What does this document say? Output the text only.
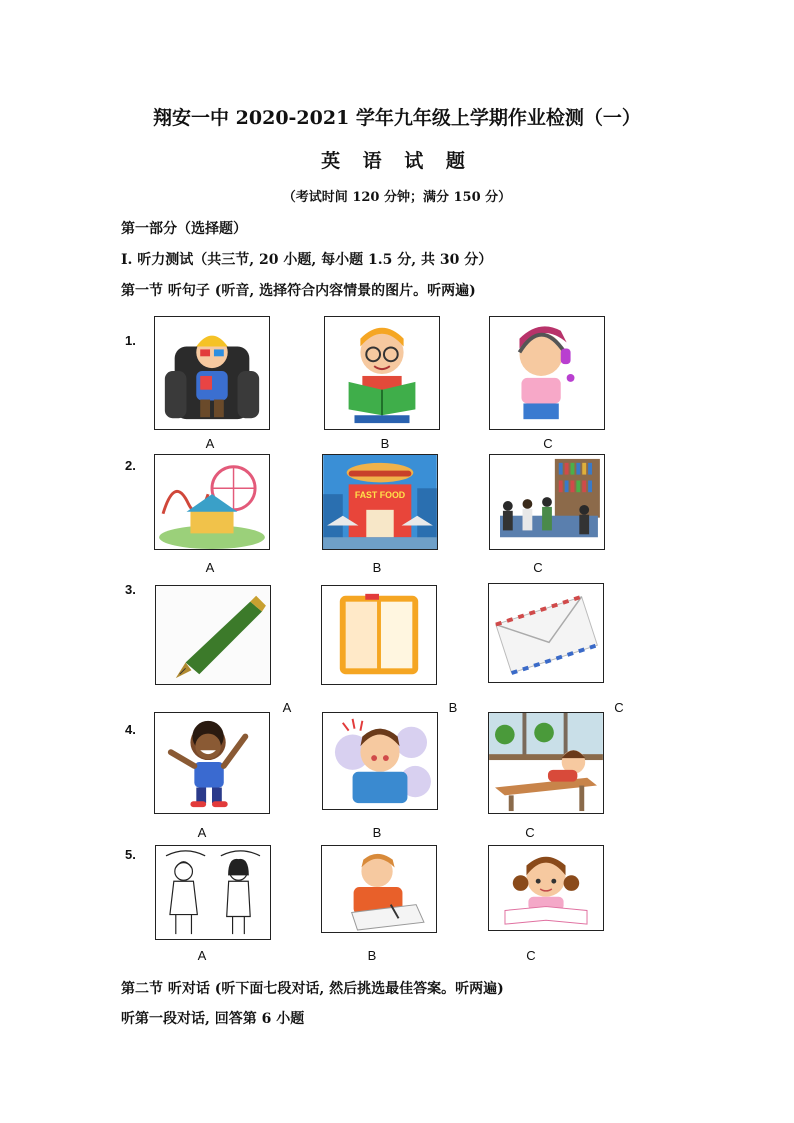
翔安一中 2020-2021 学年九年级上学期作业检测（一）
英 语 试 题
（考试时间 120 分钟；满分 150 分）
第一部分（选择题）
I. 听力测试（共三节, 20 小题, 每小题 1.5 分, 共 30 分）
第一节 听句子 (听音, 选择符合内容情景的图片。听两遍)
1.
A	B	C
2.
A
FAST FOOD
B	C
3.
A	B	C
4.
A	B	C
5.
A	B	C
第二节 听对话 (听下面七段对话, 然后挑选最佳答案。听两遍)
听第一段对话, 回答第 6 小题
